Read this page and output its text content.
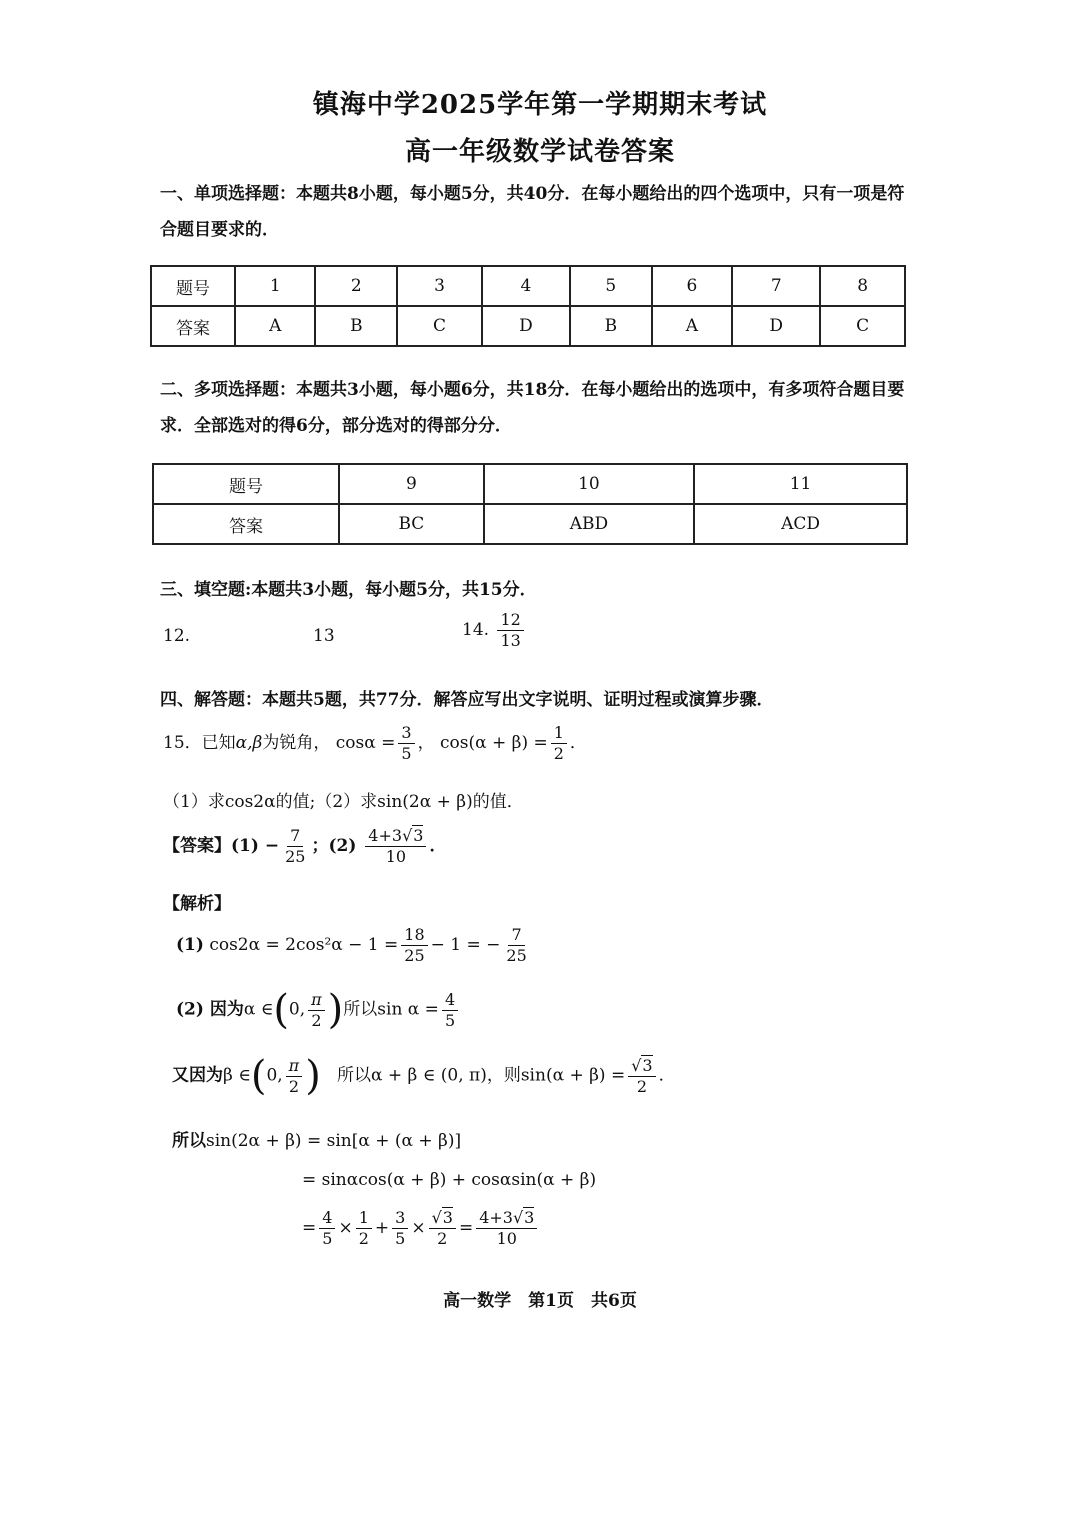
镇海中学2025学年第一学期期末考试
高一年级数学试卷答案
一、单项选择题：本题共8小题，每小题5分，共40分．在每小题给出的四个选项中，只有一项是符合题目要求的．
题号	1	2	3	4	5	6	7	8
答案	A	B	C	D	B	A	D	C
二、多项选择题：本题共3小题，每小题6分，共18分．在每小题给出的选项中，有多项符合题目要求．全部选对的得6分，部分选对的得部分分．
题号	9	10	11
答案	BC	ABD	ACD
三、填空题:本题共3小题，每小题5分，共15分．
12.	13	14. $\frac{12}{13}$
四、解答题：本题共5题，共77分．解答应写出文字说明、证明过程或演算步骤．
15．已知α,β为锐角， $\cos\alpha = \frac{3}{5}$ ， $\cos(\alpha + \beta) = \frac{1}{2}$ ．
（1）求cos2α的值;（2）求sin(2α + β)的值．
【答案】$(1) - \frac{7}{25}$ ；$(2) \frac{4+3√3}{10}$ ．
【解析】
(1) $\cos 2\alpha = 2\cos^2\alpha - 1 = \frac{18}{25} - 1$ = − $\frac{7}{25}$
(2) 因为α ∈(0, $\frac{\pi}{2}$ )所以$\sin \alpha = \frac{4}{5}$
又因为β ∈(0, $\frac{\pi}{2}$ ) 所以α + β ∈ (0, π)，则$\sin(\alpha + \beta) = \frac{√3}{2}$ ．
所以sin(2α + β) = sin[α + (α + β)]
= sinαcos(α + β) + cosαsin(α + β)
= $\frac{4}{5} \times \frac{1}{2} + \frac{3}{5} \times \frac{√3}{2} = \frac{4+3√3}{10}$
高一数学　第1页　共6页
